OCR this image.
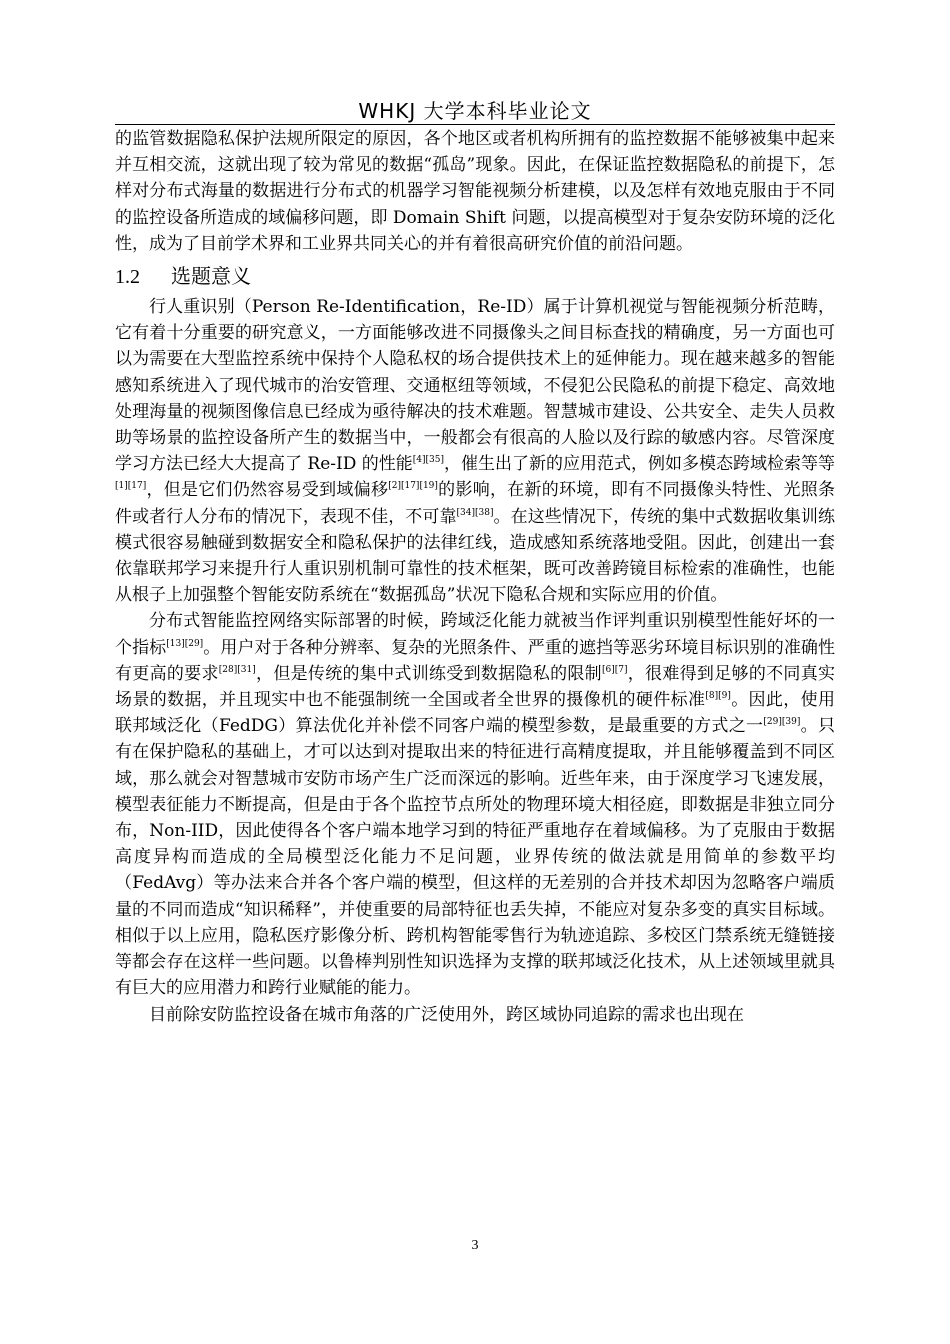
WHKJ 大学本科毕业论文

的监管数据隐私保护法规所限定的原因，各个地区或者机构所拥有的监控数据不能够被集中起来并互相交流，这就出现了较为常见的数据“孤岛”现象。因此，在保证监控数据隐私的前提下，怎样对分布式海量的数据进行分布式的机器学习智能视频分析建模，以及怎样有效地克服由于不同的监控设备所造成的域偏移问题，即 Domain Shift 问题，以提高模型对于复杂安防环境的泛化性，成为了目前学术界和工业界共同关心的并有着很高研究价值的前沿问题。

1.2 选题意义

行人重识别（Person Re-Identification，Re-ID）属于计算机视觉与智能视频分析范畴，它有着十分重要的研究意义，一方面能够改进不同摄像头之间目标查找的精确度，另一方面也可以为需要在大型监控系统中保持个人隐私权的场合提供技术上的延伸能力。现在越来越多的智能感知系统进入了现代城市的治安管理、交通枢纽等领域，不侵犯公民隐私的前提下稳定、高效地处理海量的视频图像信息已经成为亟待解决的技术难题。智慧城市建设、公共安全、走失人员救助等场景的监控设备所产生的数据当中，一般都会有很高的人脸以及行踪的敏感内容。尽管深度学习方法已经大大提高了 Re-ID 的性能[4][35]，催生出了新的应用范式，例如多模态跨域检索等等[1][17]，但是它们仍然容易受到域偏移[2][17][19]的影响，在新的环境，即有不同摄像头特性、光照条件或者行人分布的情况下，表现不佳，不可靠[34][38]。在这些情况下，传统的集中式数据收集训练模式很容易触碰到数据安全和隐私保护的法律红线，造成感知系统落地受阻。因此，创建出一套依靠联邦学习来提升行人重识别机制可靠性的技术框架，既可改善跨镜目标检索的准确性，也能从根子上加强整个智能安防系统在“数据孤岛”状况下隐私合规和实际应用的价值。

分布式智能监控网络实际部署的时候，跨域泛化能力就被当作评判重识别模型性能好坏的一个指标[13][29]。用户对于各种分辨率、复杂的光照条件、严重的遮挡等恶劣环境目标识别的准确性有更高的要求[28][31]，但是传统的集中式训练受到数据隐私的限制[6][7]，很难得到足够的不同真实场景的数据，并且现实中也不能强制统一全国或者全世界的摄像机的硬件标准[8][9]。因此，使用联邦域泛化（FedDG）算法优化并补偿不同客户端的模型参数，是最重要的方式之一[29][39]。只有在保护隐私的基础上，才可以达到对提取出来的特征进行高精度提取，并且能够覆盖到不同区域，那么就会对智慧城市安防市场产生广泛而深远的影响。近些年来，由于深度学习飞速发展，模型表征能力不断提高，但是由于各个监控节点所处的物理环境大相径庭，即数据是非独立同分布，Non-IID，因此使得各个客户端本地学习到的特征严重地存在着域偏移。为了克服由于数据高度异构而造成的全局模型泛化能力不足问题，业界传统的做法就是用简单的参数平均（FedAvg）等办法来合并各个客户端的模型，但这样的无差别的合并技术却因为忽略客户端质量的不同而造成“知识稀释”，并使重要的局部特征也丢失掉，不能应对复杂多变的真实目标域。相似于以上应用，隐私医疗影像分析、跨机构智能零售行为轨迹追踪、多校区门禁系统无缝链接等都会存在这样一些问题。以鲁棒判别性知识选择为支撑的联邦域泛化技术，从上述领域里就具有巨大的应用潜力和跨行业赋能的能力。

目前除安防监控设备在城市角落的广泛使用外，跨区域协同追踪的需求也出现在

3
